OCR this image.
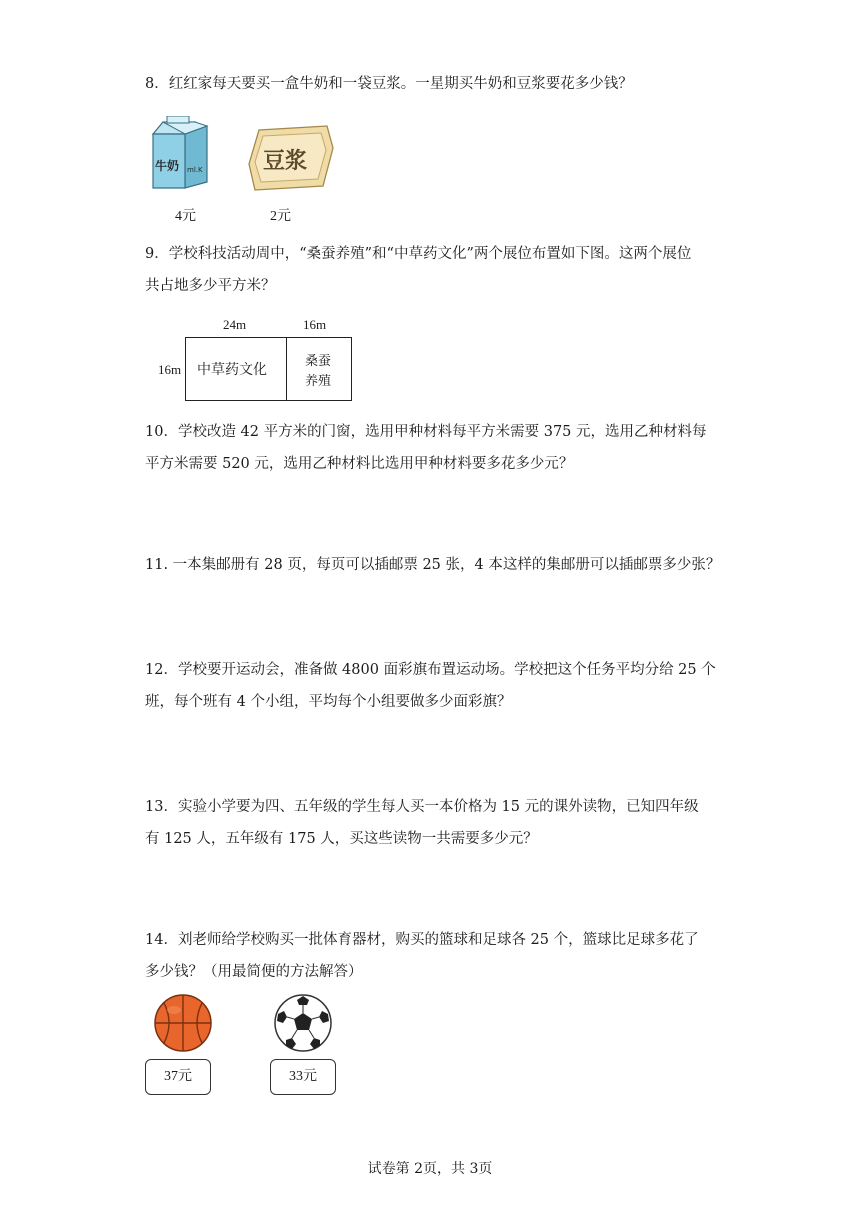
8．红红家每天要买一盒牛奶和一袋豆浆。一星期买牛奶和豆浆要花多少钱？

牛奶 ml.K
4元
豆浆
2元

9．学校科技活动周中，“桑蚕养殖”和“中草药文化”两个展位布置如下图。这两个展位

共占地多少平方米？

24m	16m
16m 中草药文化
桑蚕
养殖

10．学校改造 42 平方米的门窗，选用甲种材料每平方米需要 375 元，选用乙种材料每

平方米需要 520 元，选用乙种材料比选用甲种材料要多花多少元？

11. 一本集邮册有 28 页，每页可以插邮票 25 张，4 本这样的集邮册可以插邮票多少张？

12．学校要开运动会，准备做 4800 面彩旗布置运动场。学校把这个任务平均分给 25 个

班，每个班有 4 个小组，平均每个小组要做多少面彩旗？

13．实验小学要为四、五年级的学生每人买一本价格为 15 元的课外读物，已知四年级

有 125 人，五年级有 175 人，买这些读物一共需要多少元？

14．刘老师给学校购买一批体育器材，购买的篮球和足球各 25 个，篮球比足球多花了

多少钱？（用最简便的方法解答）

37元	33元
试卷第 2页，共 3页
